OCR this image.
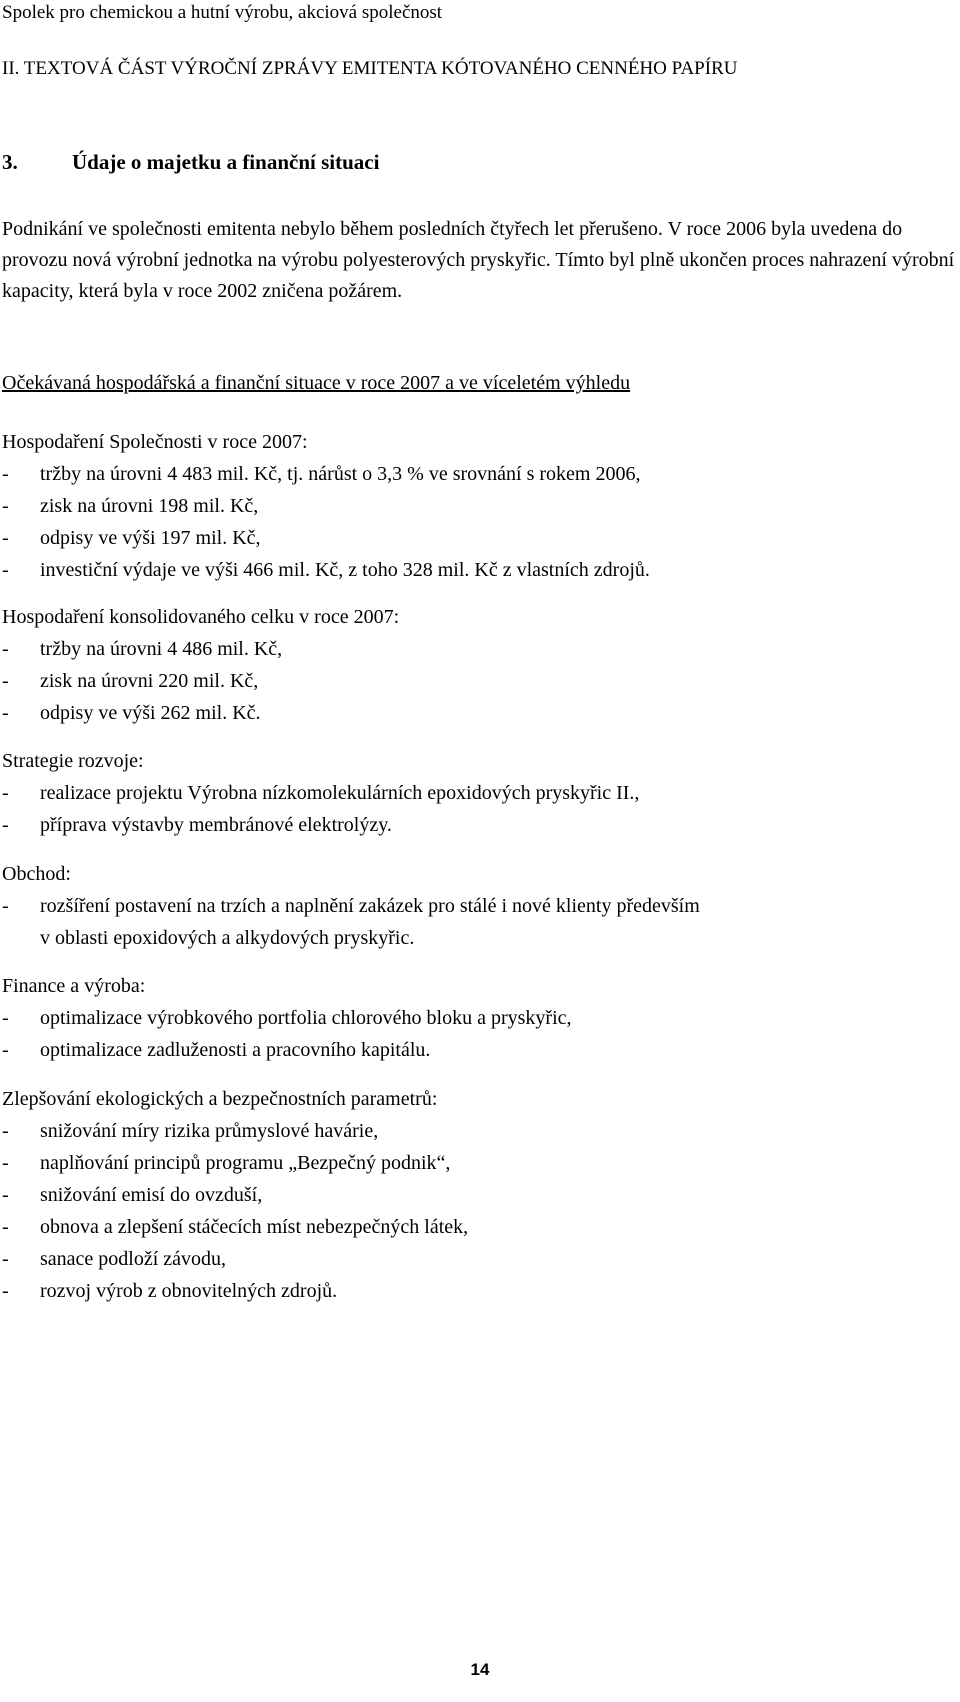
Spolek pro chemickou a hutní výrobu, akciová společnost
II. TEXTOVÁ ČÁST VÝROČNÍ ZPRÁVY EMITENTA KÓTOVANÉHO CENNÉHO PAPÍRU
3.	Údaje o majetku a finanční situaci
Podnikání ve společnosti emitenta nebylo během posledních čtyřech let přerušeno. V roce 2006 byla uvedena do provozu nová výrobní jednotka na výrobu polyesterových pryskyřic. Tímto byl plně ukončen proces nahrazení výrobní kapacity, která byla v roce 2002 zničena požárem.
Očekávaná hospodářská a finanční situace v roce 2007 a ve víceletém výhledu
Hospodaření Společnosti v roce 2007:
-	tržby na úrovni 4 483 mil. Kč, tj. nárůst o 3,3 % ve srovnání s rokem 2006,
-	zisk na úrovni 198 mil. Kč,
-	odpisy ve výši 197 mil. Kč,
-	investiční výdaje ve výši 466 mil. Kč, z toho 328 mil. Kč z vlastních zdrojů.
Hospodaření konsolidovaného celku v roce 2007:
-	tržby na úrovni 4 486 mil. Kč,
-	zisk na úrovni 220 mil. Kč,
-	odpisy ve výši 262 mil. Kč.
Strategie rozvoje:
-	realizace projektu Výrobna nízkomolekulárních epoxidových pryskyřic II.,
-	příprava výstavby membránové elektrolýzy.
Obchod:
-	rozšíření postavení na trzích a naplnění zakázek pro stálé i nové klienty především
v oblasti epoxidových a alkydových pryskyřic.
Finance a výroba:
-	optimalizace výrobkového portfolia chlorového bloku a pryskyřic,
-	optimalizace zadluženosti a pracovního kapitálu.
Zlepšování ekologických a bezpečnostních parametrů:
-	snižování míry rizika průmyslové havárie,
-	naplňování principů programu „Bezpečný podnik“,
-	snižování emisí do ovzduší,
-	obnova a zlepšení stáčecích míst nebezpečných látek,
-	sanace podloží závodu,
-	rozvoj výrob z obnovitelných zdrojů.
14
